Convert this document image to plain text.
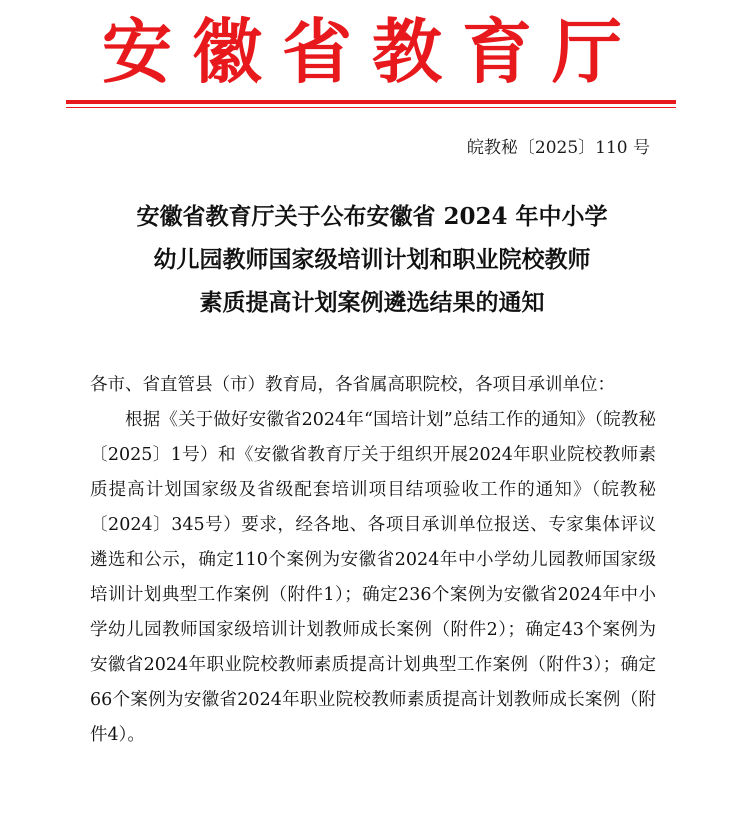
安徽省教育厅
皖教秘〔2025〕110 号
安徽省教育厅关于公布安徽省 2024 年中小学
幼儿园教师国家级培训计划和职业院校教师
素质提高计划案例遴选结果的通知

各市、省直管县（市）教育局，各省属高职院校，各项目承训单位：

根据《关于做好安徽省2024年“国培计划”总结工作的通知》（皖教秘〔2025〕1号）和《安徽省教育厅关于组织开展2024年职业院校教师素质提高计划国家级及省级配套培训项目结项验收工作的通知》（皖教秘〔2024〕345号）要求，经各地、各项目承训单位报送、专家集体评议遴选和公示，确定110个案例为安徽省2024年中小学幼儿园教师国家级培训计划典型工作案例（附件1）；确定236个案例为安徽省2024年中小学幼儿园教师国家级培训计划教师成长案例（附件2）；确定43个案例为安徽省2024年职业院校教师素质提高计划典型工作案例（附件3）；确定66个案例为安徽省2024年职业院校教师素质提高计划教师成长案例（附件4）。
